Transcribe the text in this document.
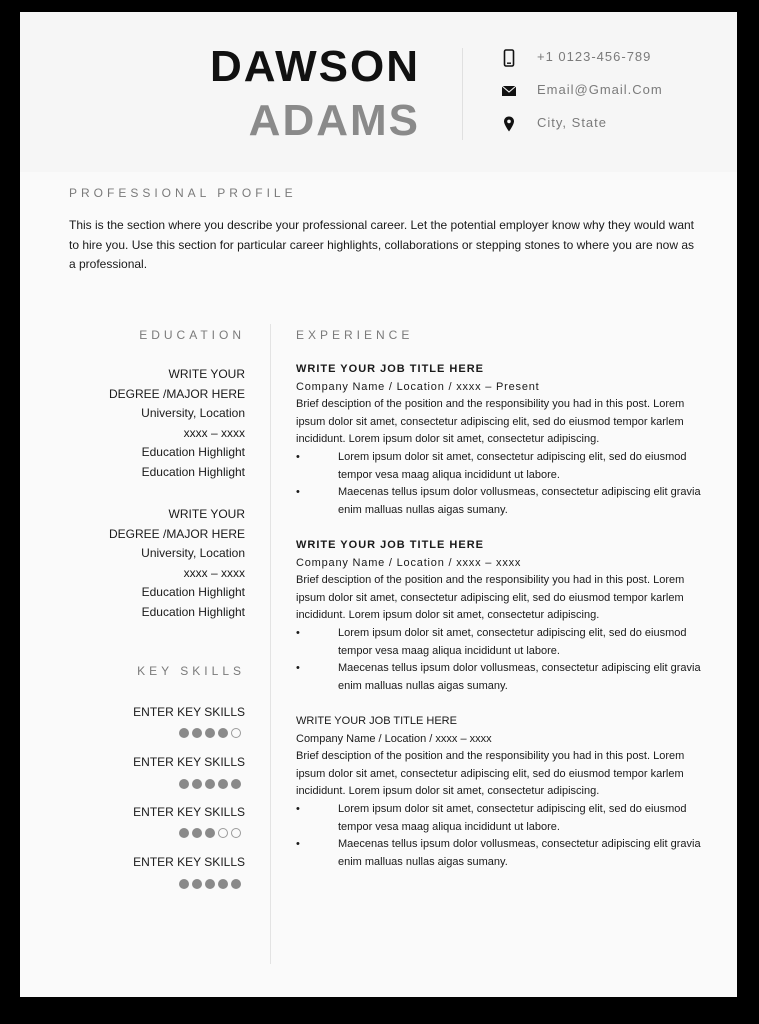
DAWSON
ADAMS
+1 0123-456-789
Email@Gmail.Com
City, State
PROFESSIONAL PROFILE
This is the section where you describe your professional career. Let the potential employer know why they would want to hire you. Use this section for particular career highlights, collaborations or stepping stones to where you are now as a professional.
EDUCATION
WRITE YOUR
DEGREE /MAJOR HERE
University, Location
xxxx – xxxx
Education Highlight
Education Highlight
WRITE YOUR
DEGREE /MAJOR HERE
University, Location
xxxx – xxxx
Education Highlight
Education Highlight
KEY SKILLS
ENTER KEY SKILLS
ENTER KEY SKILLS
ENTER KEY SKILLS
ENTER KEY SKILLS
EXPERIENCE
WRITE YOUR JOB TITLE HERE
Company Name / Location / xxxx – Present
Brief desciption of the position and the responsibility you had in this post. Lorem ipsum dolor sit amet, consectetur adipiscing elit, sed do eiusmod tempor karlem incididunt. Lorem ipsum dolor sit amet, consectetur adipiscing.
• Lorem ipsum dolor sit amet, consectetur adipiscing elit, sed do eiusmod tempor vesa maag aliqua incididunt ut labore.
• Maecenas tellus ipsum dolor vollusmeas, consectetur adipiscing elit gravia enim malluas nullas aigas sumany.
WRITE YOUR JOB TITLE HERE
Company Name / Location / xxxx – xxxx
Brief desciption of the position and the responsibility you had in this post. Lorem ipsum dolor sit amet, consectetur adipiscing elit, sed do eiusmod tempor karlem incididunt. Lorem ipsum dolor sit amet, consectetur adipiscing.
• Lorem ipsum dolor sit amet, consectetur adipiscing elit, sed do eiusmod tempor vesa maag aliqua incididunt ut labore.
• Maecenas tellus ipsum dolor vollusmeas, consectetur adipiscing elit gravia enim malluas nullas aigas sumany.
WRITE YOUR JOB TITLE HERE
Company Name / Location / xxxx – xxxx
Brief desciption of the position and the responsibility you had in this post. Lorem ipsum dolor sit amet, consectetur adipiscing elit, sed do eiusmod tempor karlem incididunt. Lorem ipsum dolor sit amet, consectetur adipiscing.
• Lorem ipsum dolor sit amet, consectetur adipiscing elit, sed do eiusmod tempor vesa maag aliqua incididunt ut labore.
• Maecenas tellus ipsum dolor vollusmeas, consectetur adipiscing elit gravia enim malluas nullas aigas sumany.
